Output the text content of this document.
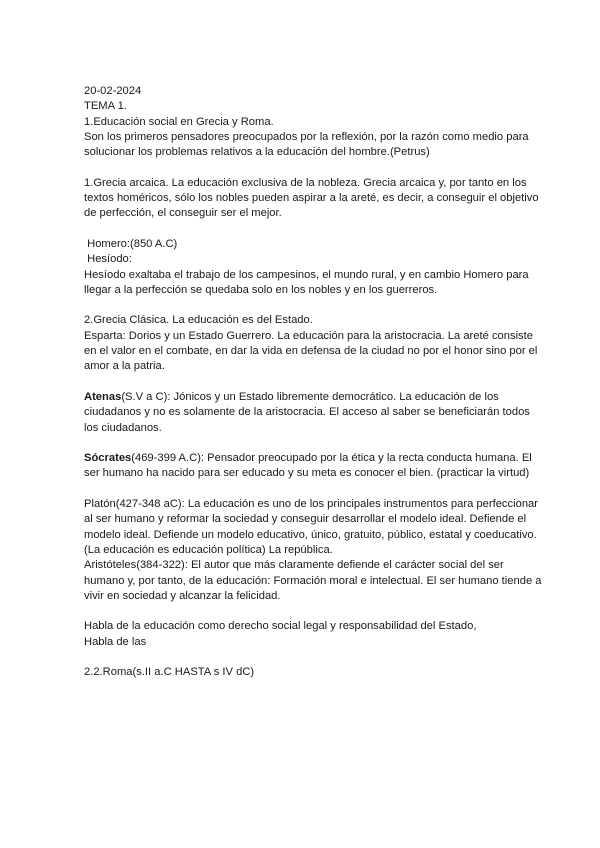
20-02-2024
TEMA 1.
1.Educación social en Grecia y Roma.
Son los primeros pensadores preocupados por la reflexión, por la razón como medio para
solucionar los problemas relativos a la educación del hombre.(Petrus)
1.Grecia arcaica. La educación exclusiva de la nobleza. Grecia arcaica y, por tanto en los
textos homéricos, sólo los nobles pueden aspirar a la areté, es decir, a conseguir el objetivo
de perfección, el conseguir ser el mejor.
Homero:(850 A.C)
Hesíodo:
Hesíodo exaltaba el trabajo de los campesinos, el mundo rural, y en cambio Homero para
llegar a la perfección se quedaba solo en los nobles y en los guerreros.
2.Grecia Clásica. La educación es del Estado.
Esparta: Dorios y un Estado Guerrero. La educación para la aristocracia. La areté consiste
en el valor en el combate, en dar la vida en defensa de la ciudad no por el honor sino por el
amor a la patria.
Atenas(S.V a C): Jónicos y un Estado libremente democrático. La educación de los
ciudadanos y no es solamente de la aristocracia. El acceso al saber se beneficiarán todos
los ciudadanos.
Sócrates(469-399 A.C): Pensador preocupado por la ética y la recta conducta humana. El
ser humano ha nacido para ser educado y su meta es conocer el bien. (practicar la virtud)
Platón(427-348 aC): La educación es uno de los principales instrumentos para perfeccionar
al ser humano y reformar la sociedad y conseguir desarrollar el modelo ideal. Defiende el
modelo ideal. Defiende un modelo educativo, único, gratuito, público, estatal y coeducativo.
(La educación es educación política) La república.
Aristóteles(384-322): El autor que más claramente defiende el carácter social del ser
humano y, por tanto, de la educación: Formación moral e intelectual. El ser humano tiende a
vivir en sociedad y alcanzar la felicidad.
Habla de la educación como derecho social legal y responsabilidad del Estado,
Habla de las
2.2.Roma(s.II a.C HASTA s IV dC)
